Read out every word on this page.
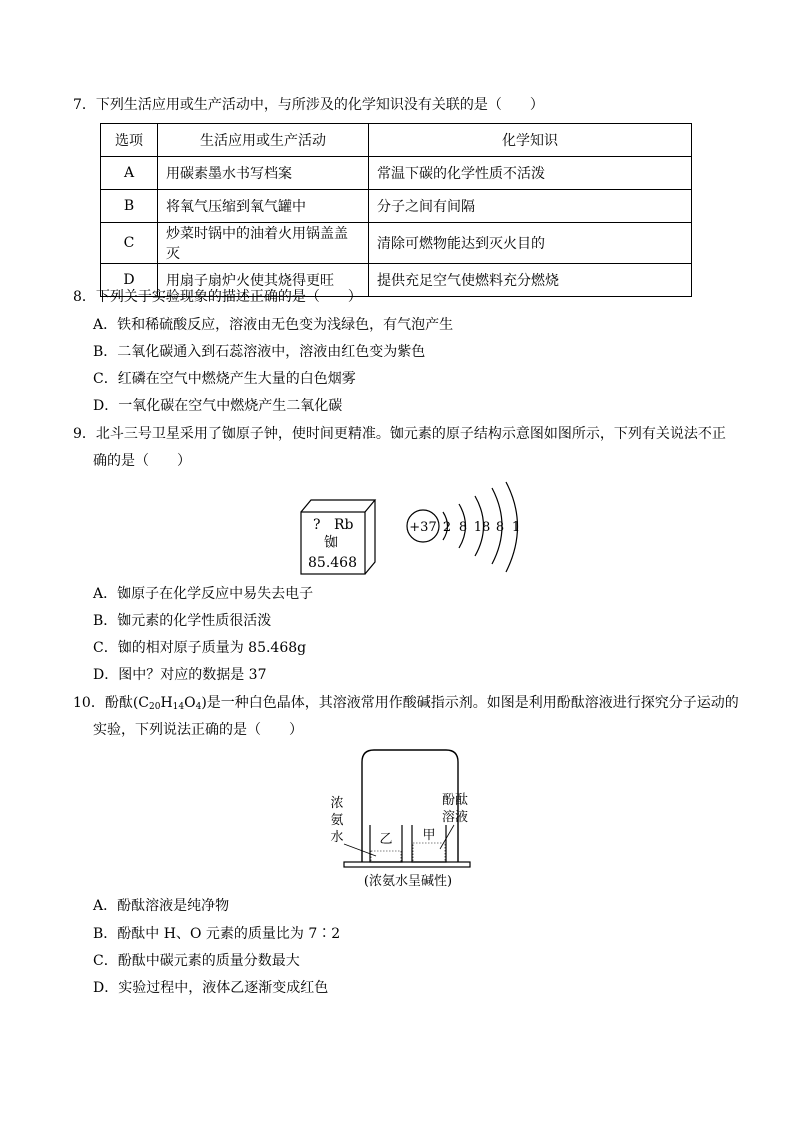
7．下列生活应用或生产活动中，与所涉及的化学知识没有关联的是（　　）
选项	生活应用或生产活动	化学知识
A	用碳素墨水书写档案	常温下碳的化学性质不活泼
B	将氧气压缩到氧气罐中	分子之间有间隔
C	炒菜时锅中的油着火用锅盖盖灭	清除可燃物能达到灭火目的
D	用扇子扇炉火使其烧得更旺	提供充足空气使燃料充分燃烧
8．下列关于实验现象的描述正确的是（　　）
A．铁和稀硫酸反应，溶液由无色变为浅绿色，有气泡产生
B．二氧化碳通入到石蕊溶液中，溶液由红色变为紫色
C．红磷在空气中燃烧产生大量的白色烟雾
D．一氧化碳在空气中燃烧产生二氧化碳
9．北斗三号卫星采用了铷原子钟，使时间更精准。铷元素的原子结构示意图如图所示，下列有关说法不正
确的是（　　）
? Rb
铷
85.468
+37 2 8 18 8 1
A．铷原子在化学反应中易失去电子
B．铷元素的化学性质很活泼
C．铷的相对原子质量为 85.468g
D．图中？对应的数据是 37
10．酚酞$(C_{20}H_{14}O_4)$是一种白色晶体，其溶液常用作酸碱指示剂。如图是利用酚酞溶液进行探究分子运动的
实验，下列说法正确的是（　　）
乙 甲
浓
氨
水
酚酞
溶液
(浓氨水呈碱性)
A．酚酞溶液是纯净物
B．酚酞中 H、O 元素的质量比为 7∶2
C．酚酞中碳元素的质量分数最大
D．实验过程中，液体乙逐渐变成红色
